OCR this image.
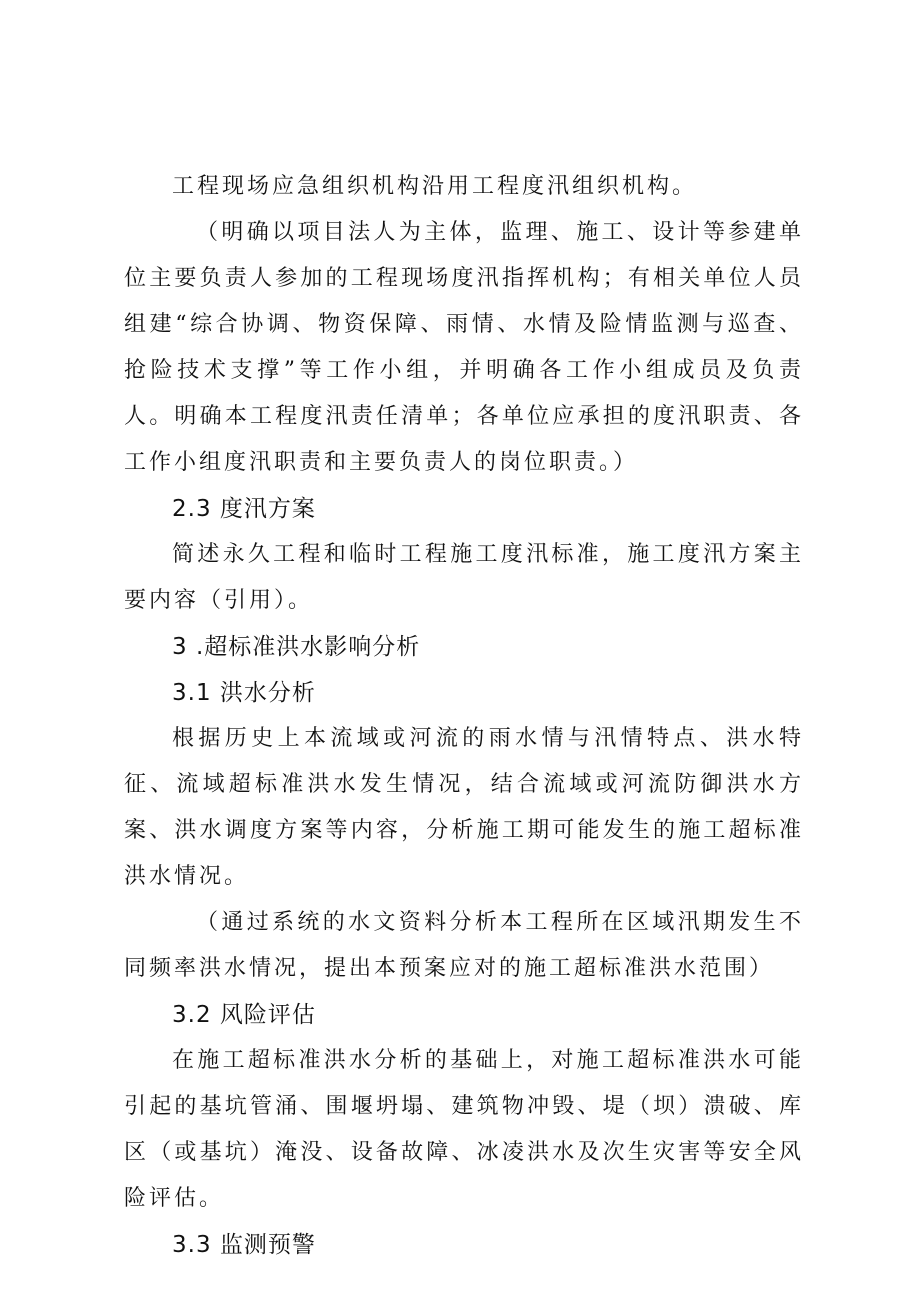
工程现场应急组织机构沿用工程度汛组织机构。

（明确以项目法人为主体，监理、施工、设计等参建单位主要负责人参加的工程现场度汛指挥机构；有相关单位人员组建“综合协调、物资保障、雨情、水情及险情监测与巡查、抢险技术支撑”等工作小组，并明确各工作小组成员及负责人。明确本工程度汛责任清单；各单位应承担的度汛职责、各工作小组度汛职责和主要负责人的岗位职责。）

2.3 度汛方案

简述永久工程和临时工程施工度汛标准，施工度汛方案主要内容（引用）。

3 .超标准洪水影响分析
3.1 洪水分析

根据历史上本流域或河流的雨水情与汛情特点、洪水特征、流域超标准洪水发生情况，结合流域或河流防御洪水方案、洪水调度方案等内容，分析施工期可能发生的施工超标准洪水情况。

（通过系统的水文资料分析本工程所在区域汛期发生不同频率洪水情况，提出本预案应对的施工超标准洪水范围）

3.2 风险评估

在施工超标准洪水分析的基础上，对施工超标准洪水可能引起的基坑管涌、围堰坍塌、建筑物冲毁、堤（坝）溃破、库区（或基坑）淹没、设备故障、冰凌洪水及次生灾害等安全风险评估。

3.3 监测预警
